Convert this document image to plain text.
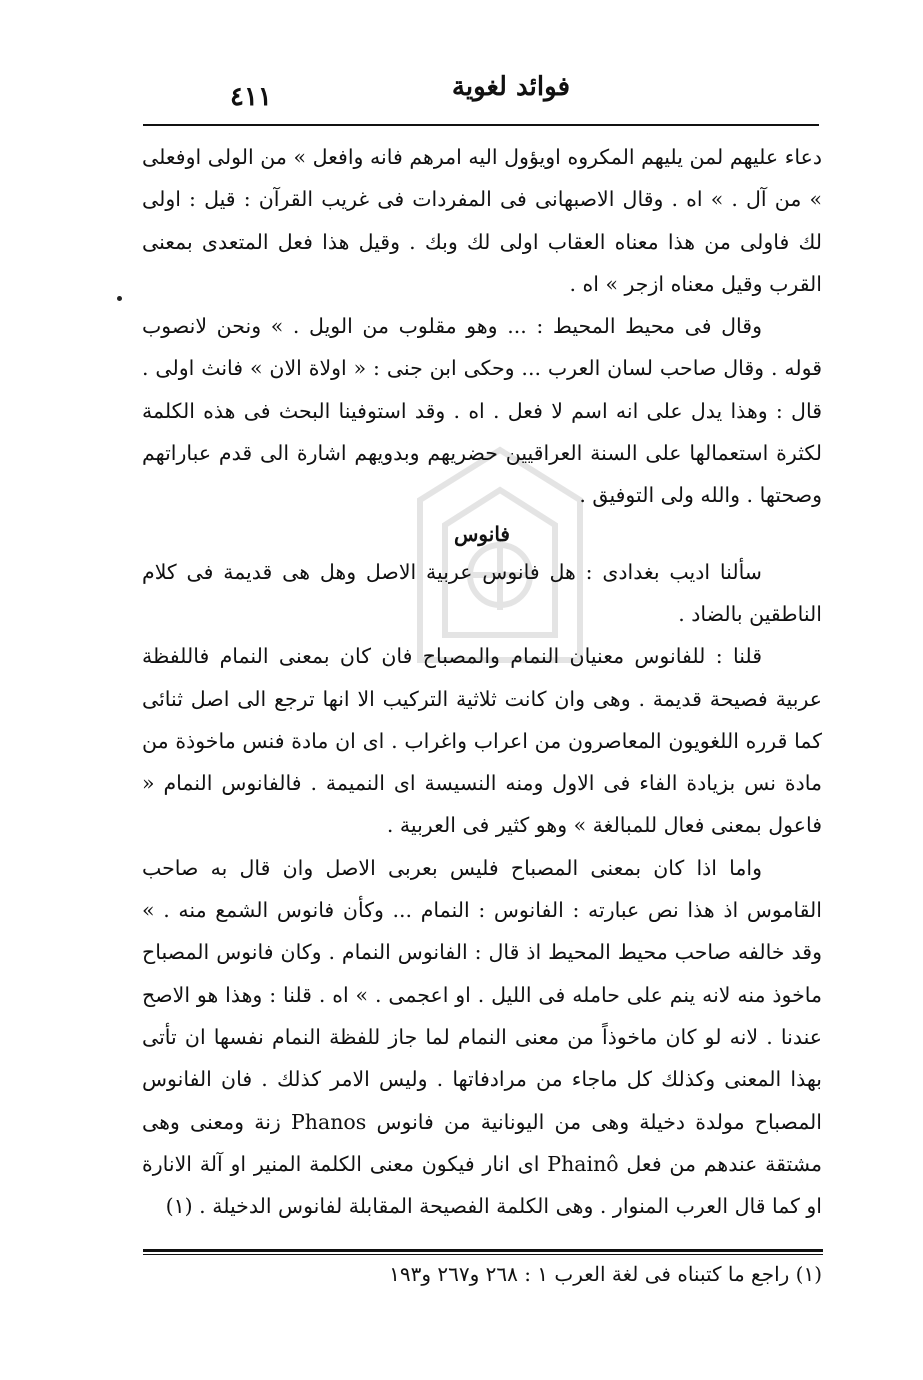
فوائد لغوية
٤١١

دعاء عليهم لمن يليهم المكروه اويؤول اليه امرهم فانه وافعل » من الولى اوفعلى » من آل . » اه . وقال الاصبهانى فى المفردات فى غريب القرآن : قيل : اولى لك فاولى من هذا معناه العقاب اولى لك وبك . وقيل هذا فعل المتعدى بمعنى القرب وقيل معناه ازجر » اه .

وقال فى محيط المحيط : ... وهو مقلوب من الويل . » ونحن لانصوب قوله . وقال صاحب لسان العرب ... وحكى ابن جنى : « اولاة الان » فانث اولى . قال : وهذا يدل على انه اسم لا فعل . اه . وقد استوفينا البحث فى هذه الكلمة لكثرة استعمالها على السنة العراقيين حضريهم وبدويهم اشارة الى قدم عباراتهم وصحتها . والله ولى التوفيق .

فانوس

سألنا اديب بغدادى : هل فانوس عربية الاصل وهل هى قديمة فى كلام الناطقين بالضاد .

قلنا : للفانوس معنيان النمام والمصباح فان كان بمعنى النمام فاللفظة عربية فصيحة قديمة . وهى وان كانت ثلاثية التركيب الا انها ترجع الى اصل ثنائى كما قرره اللغويون المعاصرون من اعراب واغراب . اى ان مادة فنس ماخوذة من مادة نس بزيادة الفاء فى الاول ومنه النسيسة اى النميمة . فالفانوس النمام « فاعول بمعنى فعال للمبالغة » وهو كثير فى العربية .

واما اذا كان بمعنى المصباح فليس بعربى الاصل وان قال به صاحب القاموس اذ هذا نص عبارته : الفانوس : النمام ... وكأن فانوس الشمع منه . » وقد خالفه صاحب محيط المحيط اذ قال : الفانوس النمام . وكان فانوس المصباح ماخوذ منه لانه ينم على حامله فى الليل . او اعجمى . » اه . قلنا : وهذا هو الاصح عندنا . لانه لو كان ماخوذاً من معنى النمام لما جاز للفظة النمام نفسها ان تأتى بهذا المعنى وكذلك كل ماجاء من مرادفاتها . وليس الامر كذلك . فان الفانوس المصباح مولدة دخيلة وهى من اليونانية من فانوس Phanos زنة ومعنى وهى مشتقة عندهم من فعل Phainô اى انار فيكون معنى الكلمة المنير او آلة الانارة او كما قال العرب المنوار . وهى الكلمة الفصيحة المقابلة لفانوس الدخيلة . (١)

(١) راجع ما كتبناه فى لغة العرب ١ : ٢٦٨ و٢٦٧ و١٩٣
